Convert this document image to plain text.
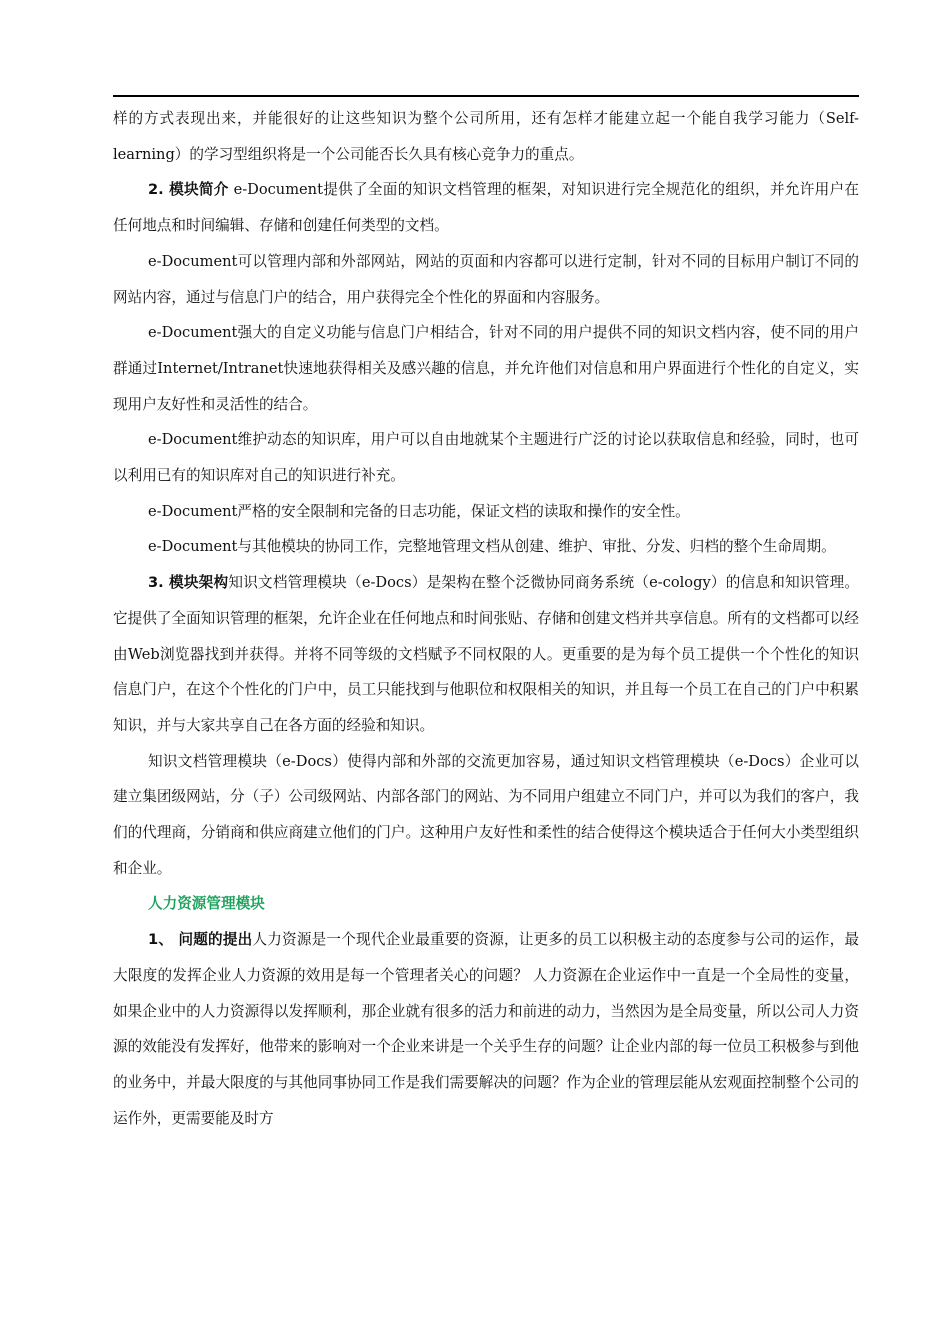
样的方式表现出来，并能很好的让这些知识为整个公司所用，还有怎样才能建立起一个能自我学习能力（Self-learning）的学习型组织将是一个公司能否长久具有核心竞争力的重点。

2. 模块简介 e-Document提供了全面的知识文档管理的框架，对知识进行完全规范化的组织，并允许用户在任何地点和时间编辑、存储和创建任何类型的文档。

e-Document可以管理内部和外部网站，网站的页面和内容都可以进行定制，针对不同的目标用户制订不同的网站内容，通过与信息门户的结合，用户获得完全个性化的界面和内容服务。

e-Document强大的自定义功能与信息门户相结合，针对不同的用户提供不同的知识文档内容，使不同的用户群通过Internet/Intranet快速地获得相关及感兴趣的信息，并允许他们对信息和用户界面进行个性化的自定义，实现用户友好性和灵活性的结合。

e-Document维护动态的知识库，用户可以自由地就某个主题进行广泛的讨论以获取信息和经验，同时，也可以利用已有的知识库对自己的知识进行补充。

e-Document严格的安全限制和完备的日志功能，保证文档的读取和操作的安全性。

e-Document与其他模块的协同工作，完整地管理文档从创建、维护、审批、分发、归档的整个生命周期。

3. 模块架构知识文档管理模块（e-Docs）是架构在整个泛微协同商务系统（e-cology）的信息和知识管理。它提供了全面知识管理的框架，允许企业在任何地点和时间张贴、存储和创建文档并共享信息。所有的文档都可以经由Web浏览器找到并获得。并将不同等级的文档赋予不同权限的人。更重要的是为每个员工提供一个个性化的知识信息门户，在这个个性化的门户中，员工只能找到与他职位和权限相关的知识，并且每一个员工在自己的门户中积累知识，并与大家共享自己在各方面的经验和知识。

知识文档管理模块（e-Docs）使得内部和外部的交流更加容易，通过知识文档管理模块（e-Docs）企业可以建立集团级网站，分（子）公司级网站、内部各部门的网站、为不同用户组建立不同门户，并可以为我们的客户，我们的代理商，分销商和供应商建立他们的门户。这种用户友好性和柔性的结合使得这个模块适合于任何大小类型组织和企业。

人力资源管理模块

1、 问题的提出人力资源是一个现代企业最重要的资源，让更多的员工以积极主动的态度参与公司的运作，最大限度的发挥企业人力资源的效用是每一个管理者关心的问题？ 人力资源在企业运作中一直是一个全局性的变量，如果企业中的人力资源得以发挥顺利，那企业就有很多的活力和前进的动力，当然因为是全局变量，所以公司人力资源的效能没有发挥好，他带来的影响对一个企业来讲是一个关乎生存的问题？让企业内部的每一位员工积极参与到他的业务中，并最大限度的与其他同事协同工作是我们需要解决的问题？作为企业的管理层能从宏观面控制整个公司的运作外，更需要能及时方
